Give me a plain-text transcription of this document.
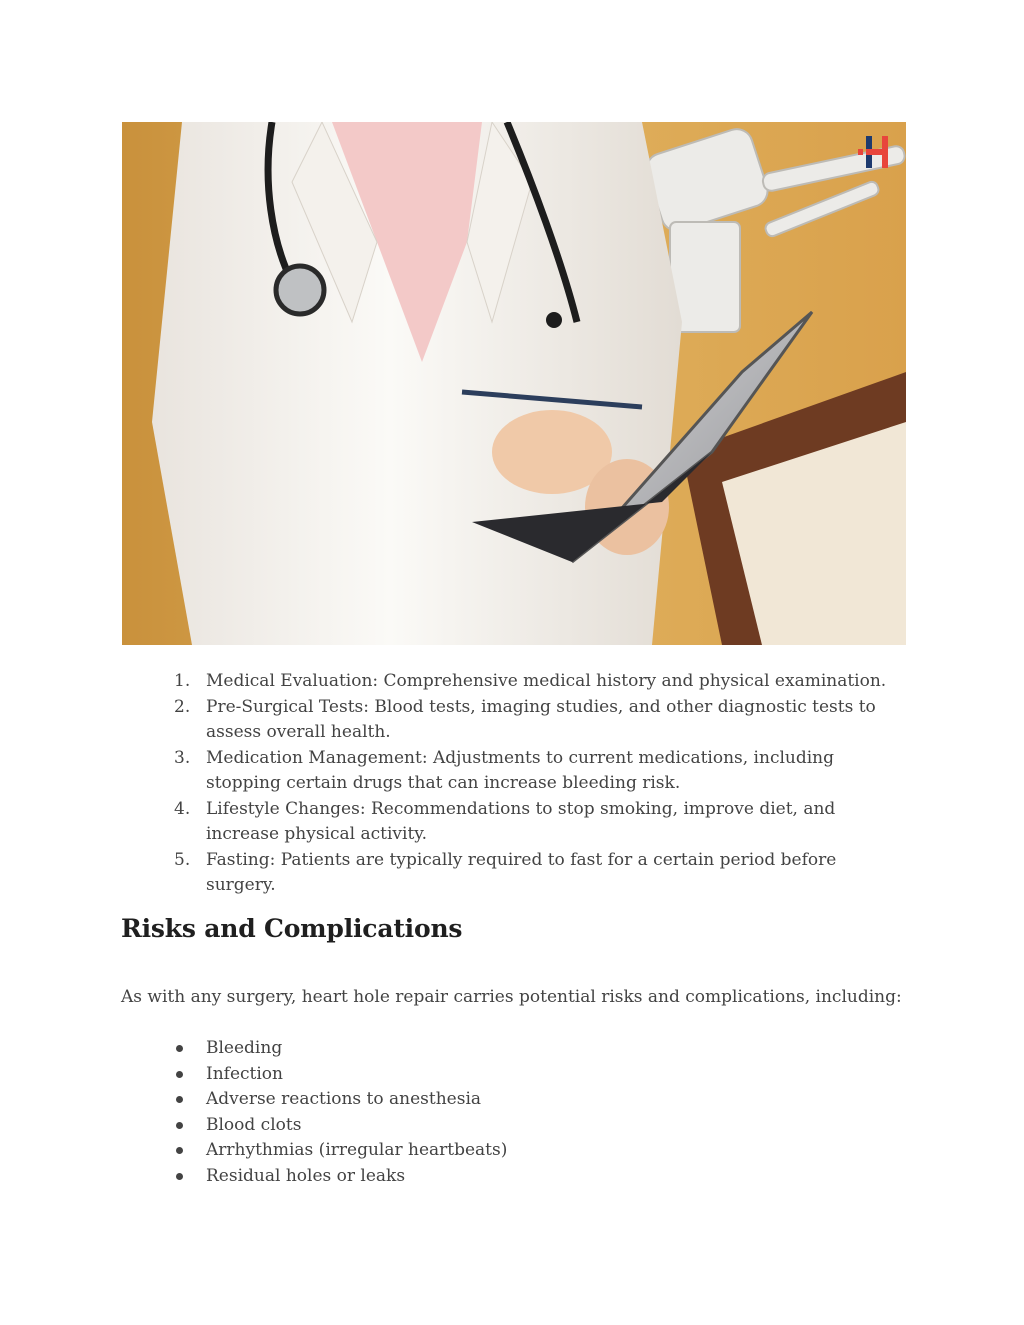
1. Medical Evaluation: Comprehensive medical history and physical examination.
2. Pre-Surgical Tests: Blood tests, imaging studies, and other diagnostic tests to assess overall health.
3. Medication Management: Adjustments to current medications, including stopping certain drugs that can increase bleeding risk.
4. Lifestyle Changes: Recommendations to stop smoking, improve diet, and increase physical activity.
5. Fasting: Patients are typically required to fast for a certain period before surgery.
Risks and Complications

As with any surgery, heart hole repair carries potential risks and complications, including:

Bleeding
Infection
Adverse reactions to anesthesia
Blood clots
Arrhythmias (irregular heartbeats)
Residual holes or leaks
